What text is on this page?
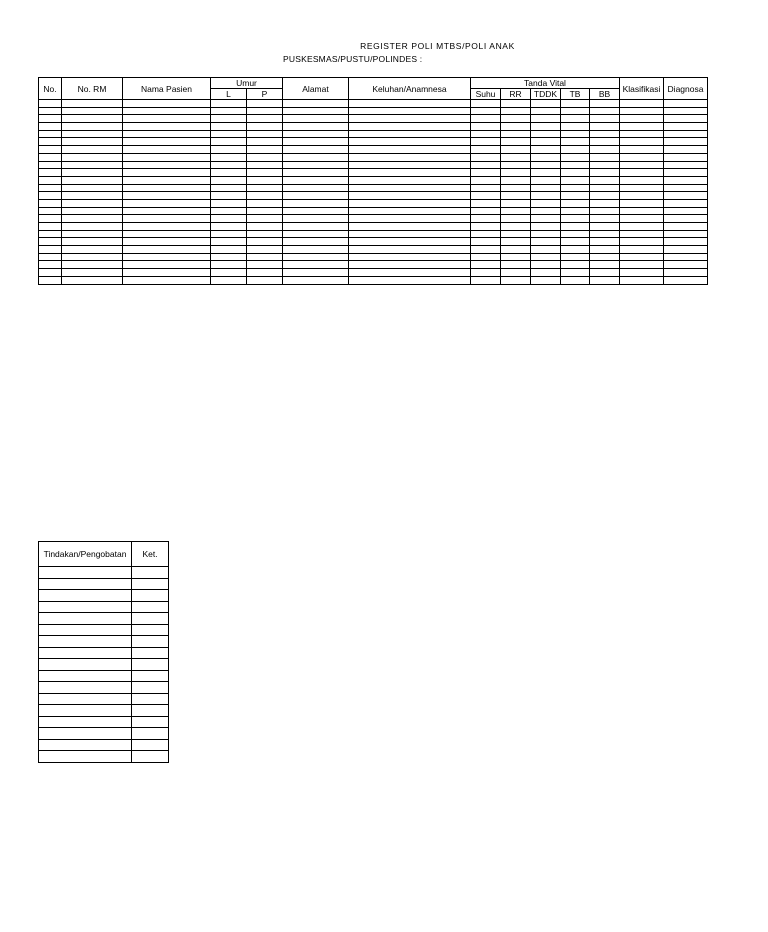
REGISTER POLI MTBS/POLI ANAK
PUSKESMAS/PUSTU/POLINDES :
No.	No. RM	Nama Pasien	Umur		Alamat	Keluhan/Anamnesa	Tanda Vital					Klasifikasi	Diagnosa
			L	P			Suhu	RR	TDDK	TB	BB		

Tindakan/Pengobatan	Ket.
